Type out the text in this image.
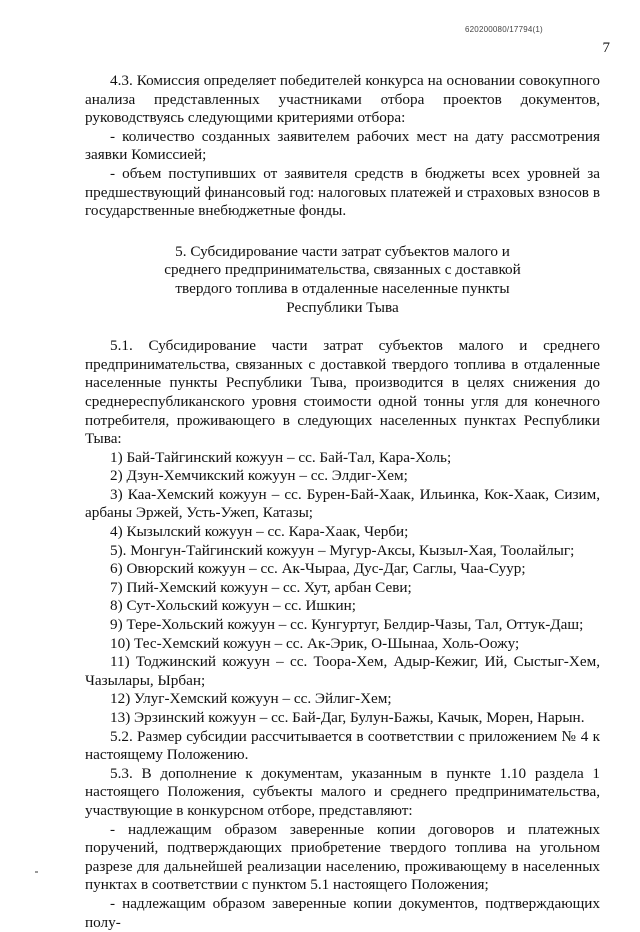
620200080/17794(1)
7

4.3. Комиссия определяет победителей конкурса на основании совокупного анализа представленных участниками отбора проектов документов, руководствуясь следующими критериями отбора:

- количество созданных заявителем рабочих мест на дату рассмотрения заявки Комиссией;

- объем поступивших от заявителя средств в бюджеты всех уровней за предшествующий финансовый год: налоговых платежей и страховых взносов в государственные внебюджетные фонды.

5. Субсидирование части затрат субъектов малого и
среднего предпринимательства, связанных с доставкой
твердого топлива в отдаленные населенные пункты
Республики Тыва

5.1. Субсидирование части затрат субъектов малого и среднего предпринимательства, связанных с доставкой твердого топлива в отдаленные населенные пункты Республики Тыва, производится в целях снижения до среднереспубликанского уровня стоимости одной тонны угля для конечного потребителя, проживающего в следующих населенных пунктах Республики Тыва:

1) Бай-Тайгинский кожуун – сс. Бай-Тал, Кара-Холь;

2) Дзун-Хемчикский кожуун – сс. Элдиг-Хем;

3) Каа-Хемский кожуун – сс. Бурен-Бай-Хаак, Ильинка, Кок-Хаак, Сизим, арбаны Эржей, Усть-Ужеп, Катазы;

4) Кызылский кожуун – сс. Кара-Хаак, Черби;

5). Монгун-Тайгинский кожуун – Мугур-Аксы, Кызыл-Хая, Тоолайлыг;

6) Овюрский кожуун – сс. Ак-Чыраа, Дус-Даг, Саглы, Чаа-Суур;

7) Пий-Хемский кожуун – сс. Хут, арбан Севи;

8) Сут-Хольский кожуун – сс. Ишкин;

9) Тере-Хольский кожуун – сс. Кунгуртуг, Белдир-Чазы, Тал, Оттук-Даш;

10) Тес-Хемский кожуун – сс. Ак-Эрик, О-Шынаа, Холь-Оожу;

11) Тоджинский кожуун – сс. Тоора-Хем, Адыр-Кежиг, Ий, Сыстыг-Хем, Чазылары, Ырбан;

12) Улуг-Хемский кожуун – сс. Эйлиг-Хем;

13) Эрзинский кожуун – сс. Бай-Даг, Булун-Бажы, Качык, Морен, Нарын.

5.2. Размер субсидии рассчитывается в соответствии с приложением № 4 к настоящему Положению.

5.3. В дополнение к документам, указанным в пункте 1.10 раздела 1 настоящего Положения, субъекты малого и среднего предпринимательства, участвующие в конкурсном отборе, представляют:

- надлежащим образом заверенные копии договоров и платежных поручений, подтверждающих приобретение твердого топлива на угольном разрезе для дальнейшей реализации населению, проживающему в населенных пунктах в соответствии с пунктом 5.1 настоящего Положения;

- надлежащим образом заверенные копии документов, подтверждающих полу-
